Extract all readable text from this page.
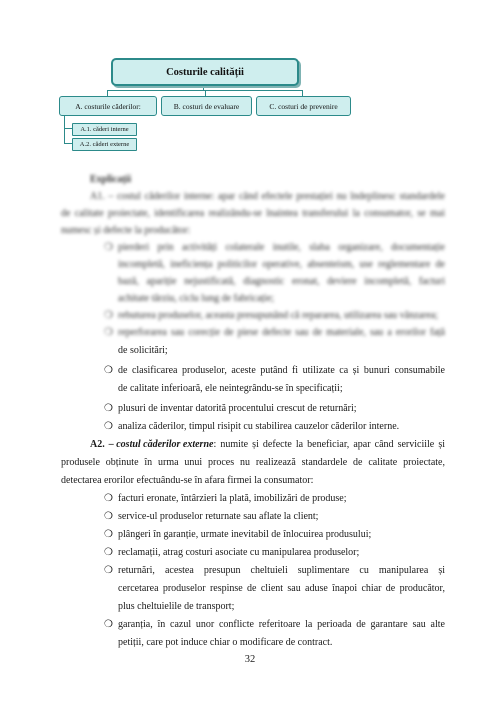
Costurile calității
A. costurile căderilor:	B. costuri de evaluare	C. costuri de prevenire
A.1. căderi interne
A.2. căderi externe
Explicații
A1. – costul căderilor interne: apar când efectele prestației nu îndeplinesc standardele
de calitate proiectate, identificarea realizându-se înaintea transferului la consumator, se mai
numesc și defecte la producător:
❍ pierderi prin activități colaterale inutile, slaba organizare, documentație
incompletă, ineficiența politicilor operative, absenteism, use reglementare de
bază, apariție nejustificată, diagnostic eronat, deviere incompletă, facturi
achitate târziu, ciclu lung de fabricație;
❍ rebuturea produselor, aceasta presupunând că repararea, utilizarea sau vânzarea;
❍ reperforarea sau corecție de piese defecte sau de materiale, sau a erorilor față
de solicitări;
❍ de clasificarea produselor, aceste putând fi utilizate ca și bunuri consumabile
de calitate inferioară, ele neintegrându-se în specificații;
❍ plusuri de inventar datorită procentului crescut de returnări;
❍ analiza căderilor, timpul risipit cu stabilirea cauzelor căderilor interne.
A2. – costul căderilor externe : numite și defecte la beneficiar, apar când serviciile și
produsele obținute în urma unui proces nu realizează standardele de calitate proiectate,
detectarea erorilor efectuându-se în afara firmei la consumator:
❍ facturi eronate, întârzieri la plată, imobilizări de produse;
❍ service-ul produselor returnate sau aflate la client;
❍ plângeri în garanție, urmate inevitabil de înlocuirea produsului;
❍ reclamații, atrag costuri asociate cu manipularea produselor;
❍ returnări, acestea presupun cheltuieli suplimentare cu manipularea și
cercetarea produselor respinse de client sau aduse înapoi chiar de producător,
plus cheltuielile de transport;
❍ garanția, în cazul unor conflicte referitoare la perioada de garantare sau alte
petiții, care pot induce chiar o modificare de contract.
32
